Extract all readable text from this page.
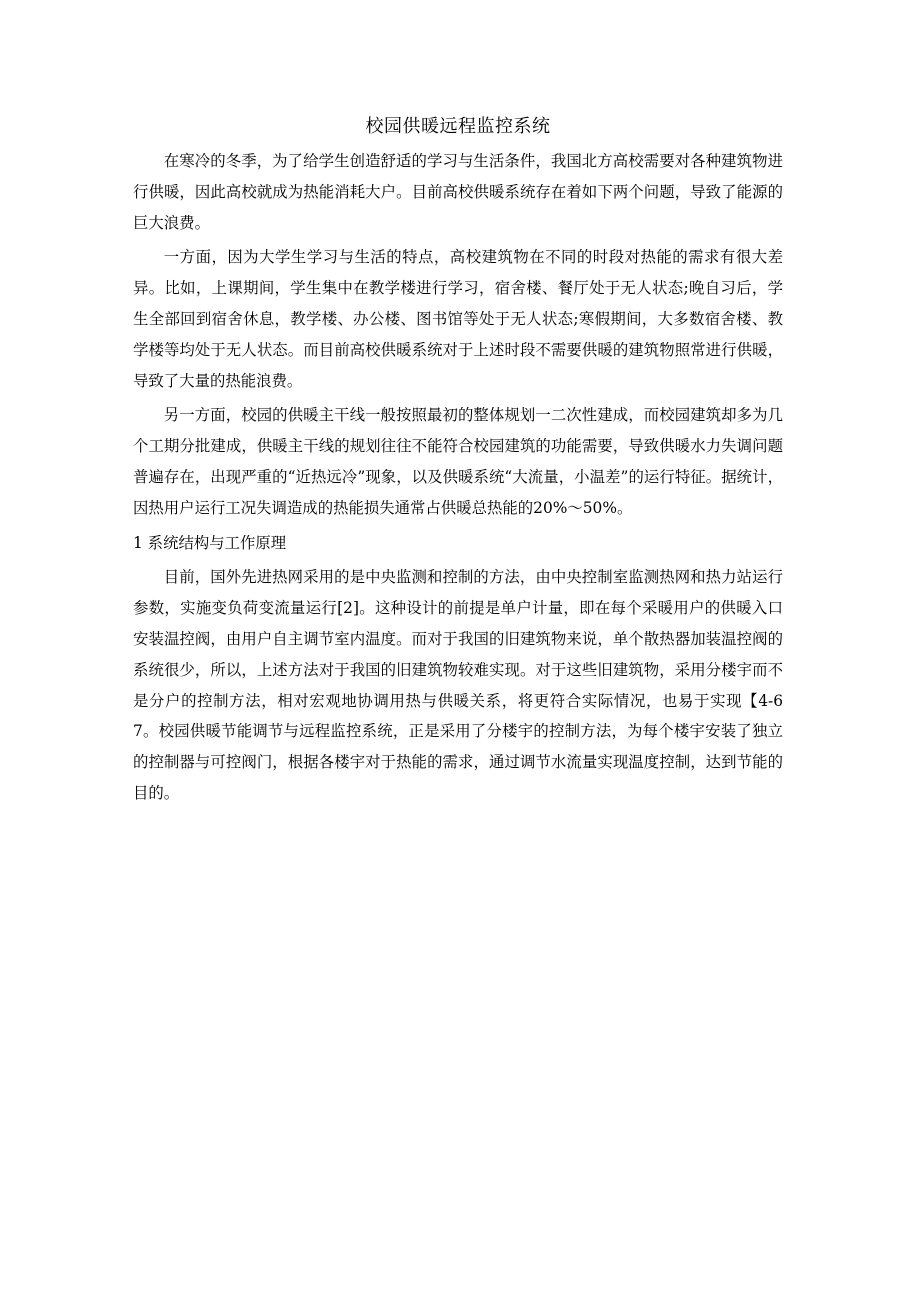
校园供暖远程监控系统

在寒冷的冬季，为了给学生创造舒适的学习与生活条件，我国北方高校需要对各种建筑物进行供暖，因此高校就成为热能消耗大户。目前高校供暖系统存在着如下两个问题，导致了能源的巨大浪费。

一方面，因为大学生学习与生活的特点，高校建筑物在不同的时段对热能的需求有很大差异。比如，上课期间，学生集中在教学楼进行学习，宿舍楼、餐厅处于无人状态;晚自习后，学生全部回到宿舍休息，教学楼、办公楼、图书馆等处于无人状态;寒假期间，大多数宿舍楼、教学楼等均处于无人状态。而目前高校供暖系统对于上述时段不需要供暖的建筑物照常进行供暖，导致了大量的热能浪费。

另一方面，校园的供暖主干线一般按照最初的整体规划一二次性建成，而校园建筑却多为几个工期分批建成，供暖主干线的规划往往不能符合校园建筑的功能需要，导致供暖水力失调问题普遍存在，出现严重的“近热远冷”现象，以及供暖系统“大流量，小温差”的运行特征。据统计，因热用户运行工况失调造成的热能损失通常占供暖总热能的20%～50%。

1 系统结构与工作原理

目前，国外先进热网采用的是中央监测和控制的方法，由中央控制室监测热网和热力站运行参数，实施变负荷变流量运行[2]。这种设计的前提是单户计量，即在每个采暖用户的供暖入口安装温控阀，由用户自主调节室内温度。而对于我国的旧建筑物来说，单个散热器加装温控阀的系统很少，所以，上述方法对于我国的旧建筑物较难实现。对于这些旧建筑物，采用分楼宇而不是分户的控制方法，相对宏观地协调用热与供暖关系，将更符合实际情况，也易于实现【4-67。校园供暖节能调节与远程监控系统，正是采用了分楼宇的控制方法，为每个楼宇安装了独立的控制器与可控阀门，根据各楼宇对于热能的需求，通过调节水流量实现温度控制，达到节能的目的。
